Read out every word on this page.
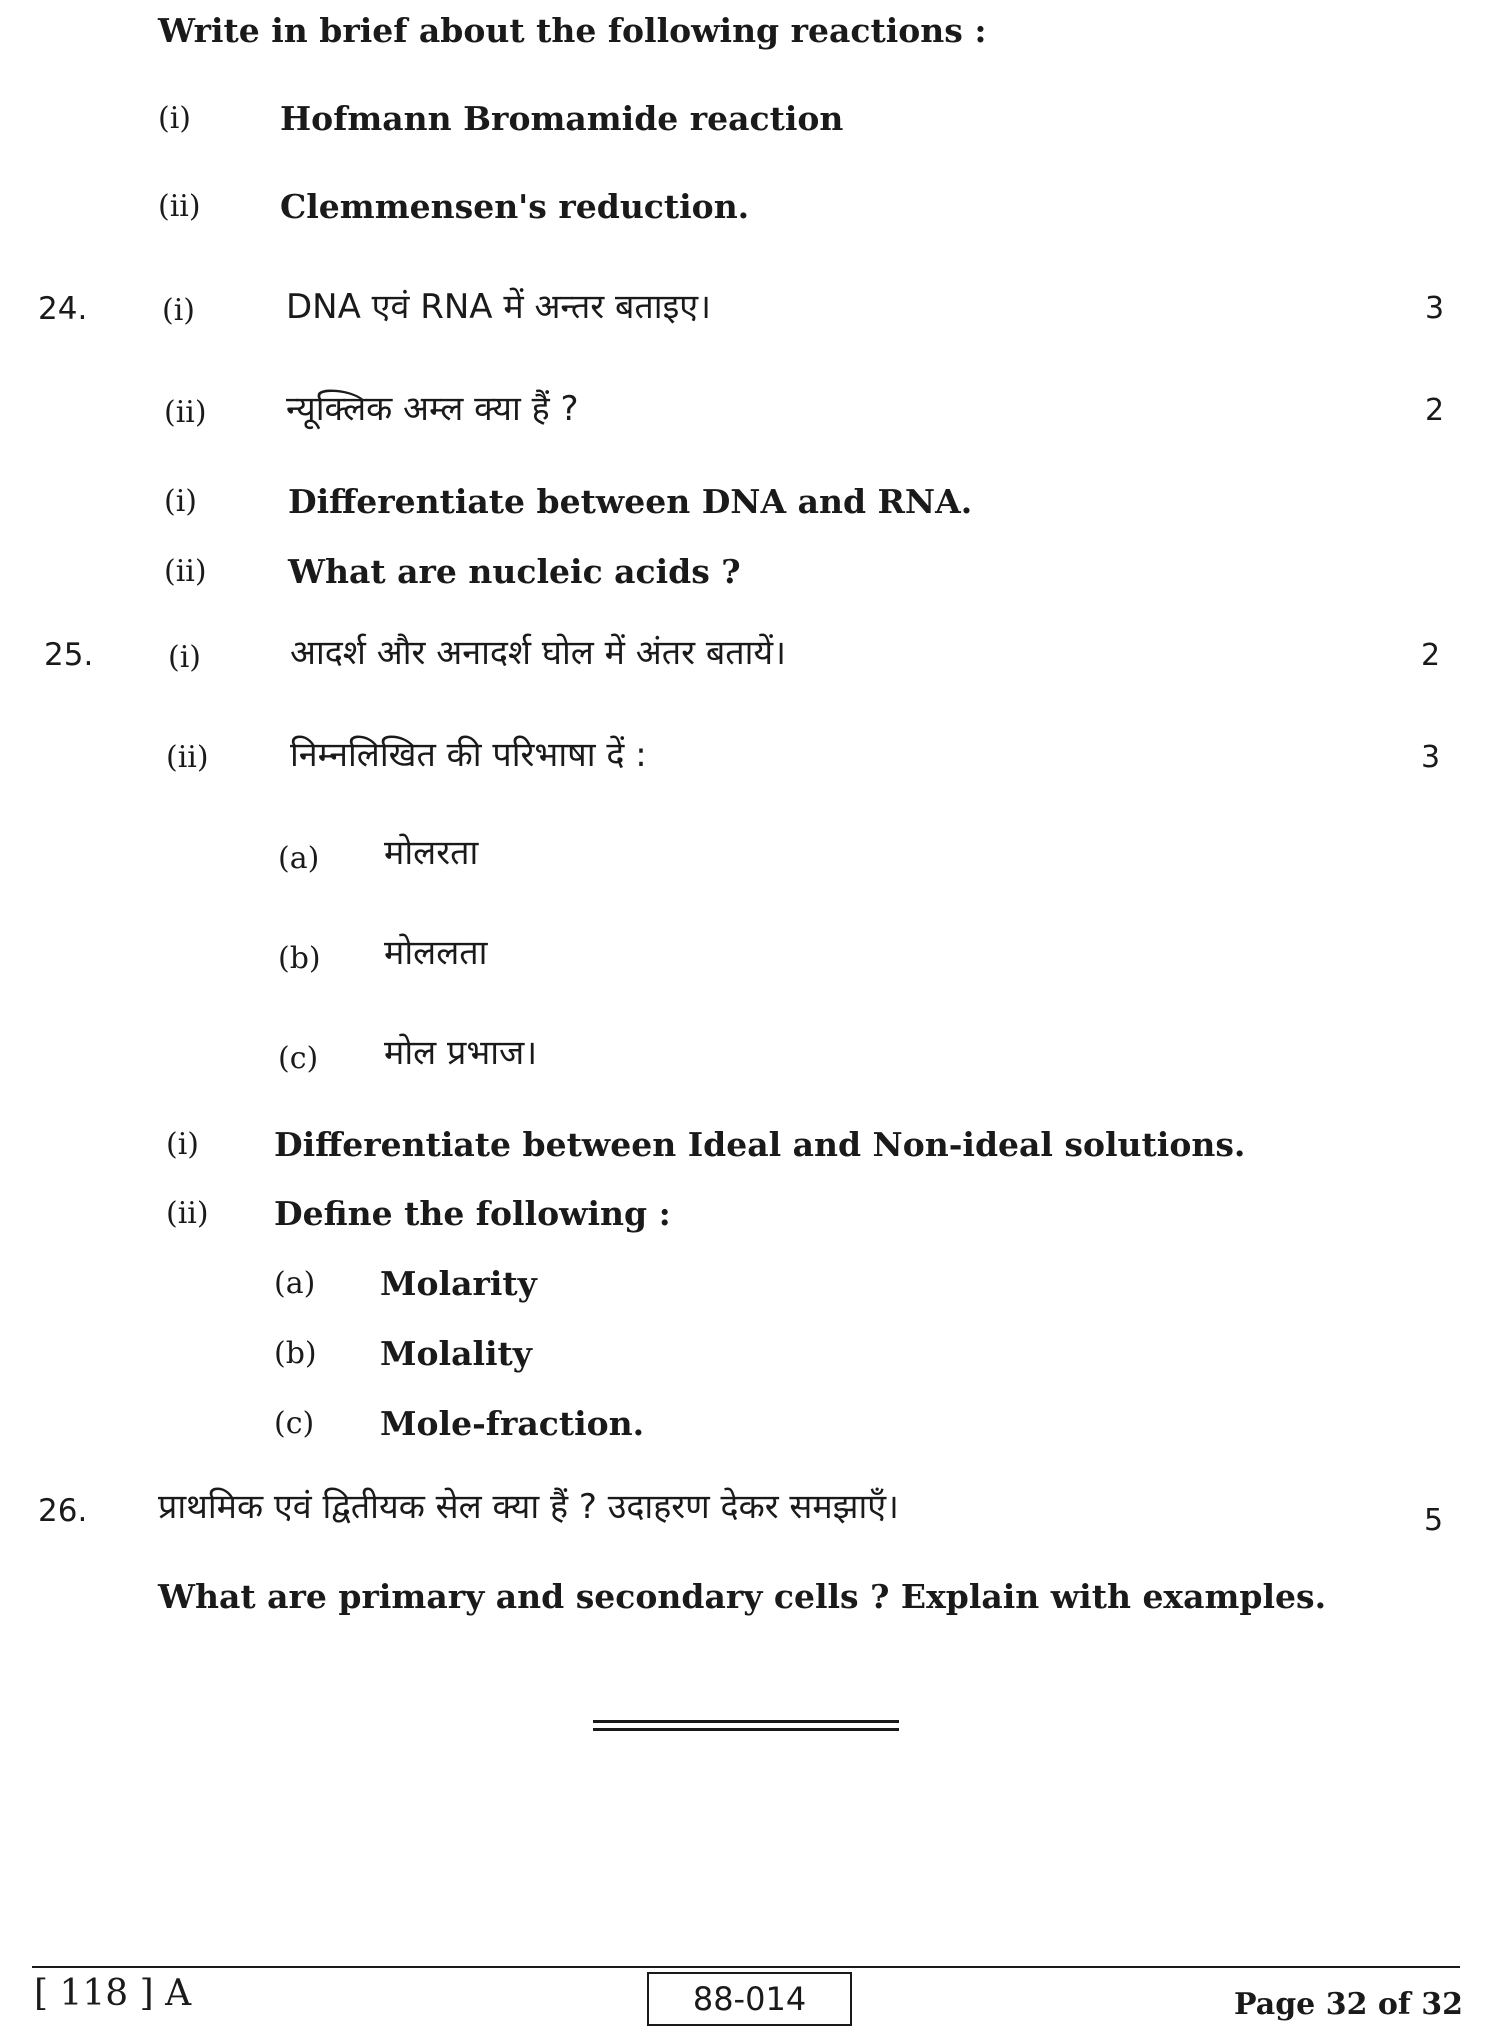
Write in brief about the following reactions :
(i)	Hofmann Bromamide reaction
(ii) Clemmensen's reduction.
24. (i)	DNA एवं RNA में अन्तर बताइए।	3
(ii) न्यूक्लिक अम्ल क्या हैं ?	2
(i)	Differentiate between DNA and RNA.
(ii) What are nucleic acids ?
25. (i)	आदर्श और अनादर्श घोल में अंतर बतायें।	2
(ii) निम्नलिखित की परिभाषा दें :	3
(a) मोलरता
(b) मोललता
(c) मोल प्रभाज।
(i) Differentiate between Ideal and Non-ideal solutions.
(ii) Define the following :
(a) Molarity
(b) Molality
(c) Mole-fraction.
26. प्राथमिक एवं द्वितीयक सेल क्या हैं ? उदाहरण देकर समझाएँ।	5
What are primary and secondary cells ? Explain with examples.
[ 118 ] A	88-014	Page 32 of 32
